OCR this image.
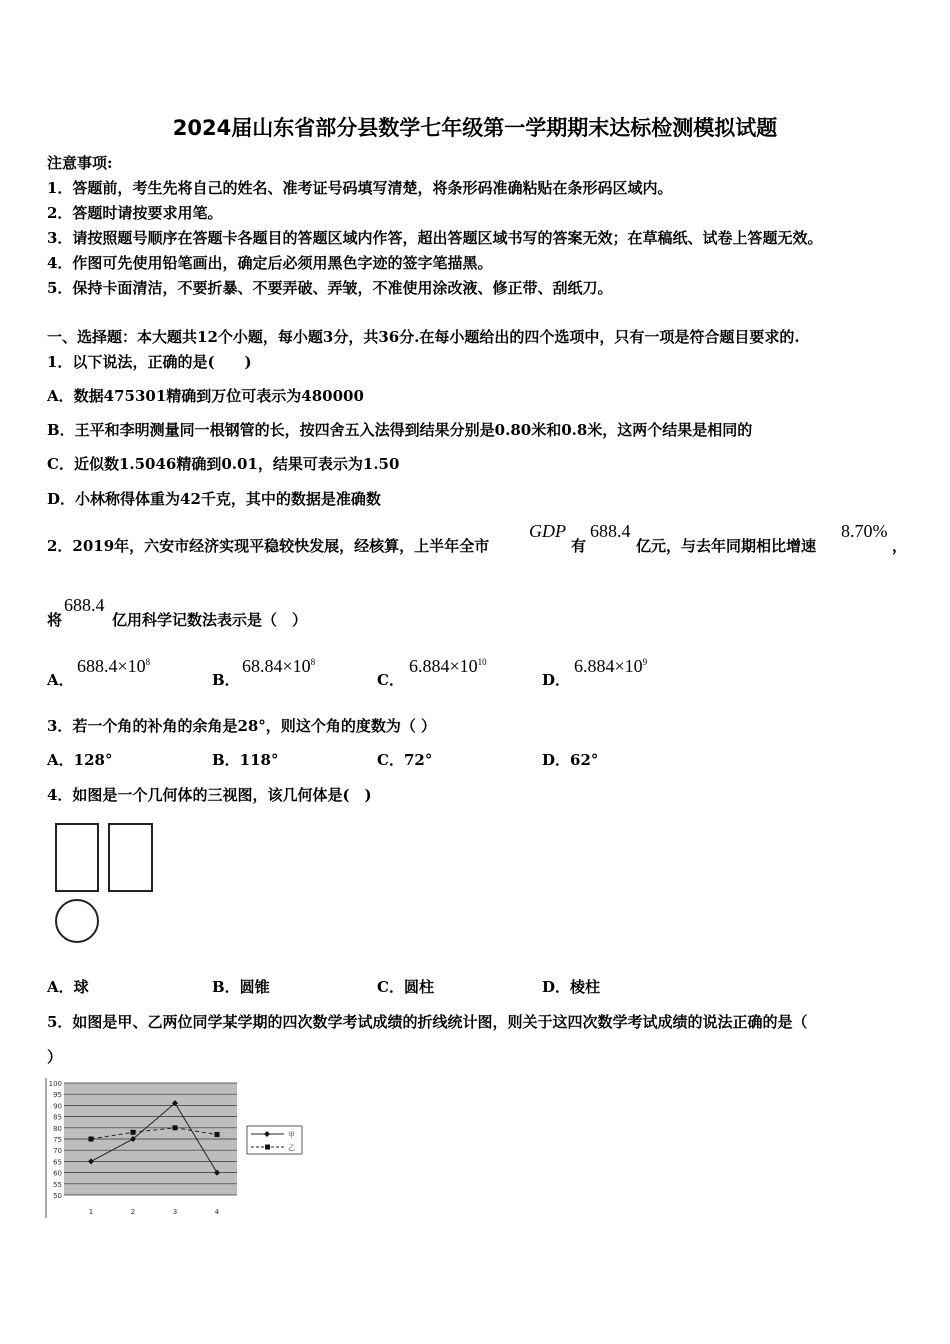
2024届山东省部分县数学七年级第一学期期末达标检测模拟试题
注意事项:
1．答题前，考生先将自己的姓名、准考证号码填写清楚，将条形码准确粘贴在条形码区域内。
2．答题时请按要求用笔。
3．请按照题号顺序在答题卡各题目的答题区域内作答，超出答题区域书写的答案无效；在草稿纸、试卷上答题无效。
4．作图可先使用铅笔画出，确定后必须用黑色字迹的签字笔描黑。
5．保持卡面清洁，不要折暴、不要弄破、弄皱，不准使用涂改液、修正带、刮纸刀。
一、选择题：本大题共12个小题，每小题3分，共36分.在每小题给出的四个选项中，只有一项是符合题目要求的.
1．以下说法，正确的是(　　)
A．数据475301精确到万位可表示为480000
B．王平和李明测量同一根钢管的长，按四舍五入法得到结果分别是0.80米和0.8米，这两个结果是相同的
C．近似数1.5046精确到0.01，结果可表示为1.50
D．小林称得体重为42千克，其中的数据是准确数
2．2019年，六安市经济实现平稳较快发展，经核算，上半年全市
GDP
有
688.4
亿元，与去年同期相比增速
8.70%
，
将
688.4
亿用科学记数法表示是（　）
A．
$688.4\times 10^8$
B．
$68.84\times 10^8$
C．
$6.884\times 10^{10}$
D．
$6.884\times 10^9$
3．若一个角的补角的余角是28°，则这个角的度数为（ ）
A．128°	B．118°	C．72°	D．62°
4．如图是一个几何体的三视图，该几何体是(　)
A．球	B．圆锥	C．圆柱	D．棱柱
5．如图是甲、乙两位同学某学期的四次数学考试成绩的折线统计图，则关于这四次数学考试成绩的说法正确的是（
）
100
95
90
85
80
75
70
65
60
55
50
1	2	3	4
甲
乙
